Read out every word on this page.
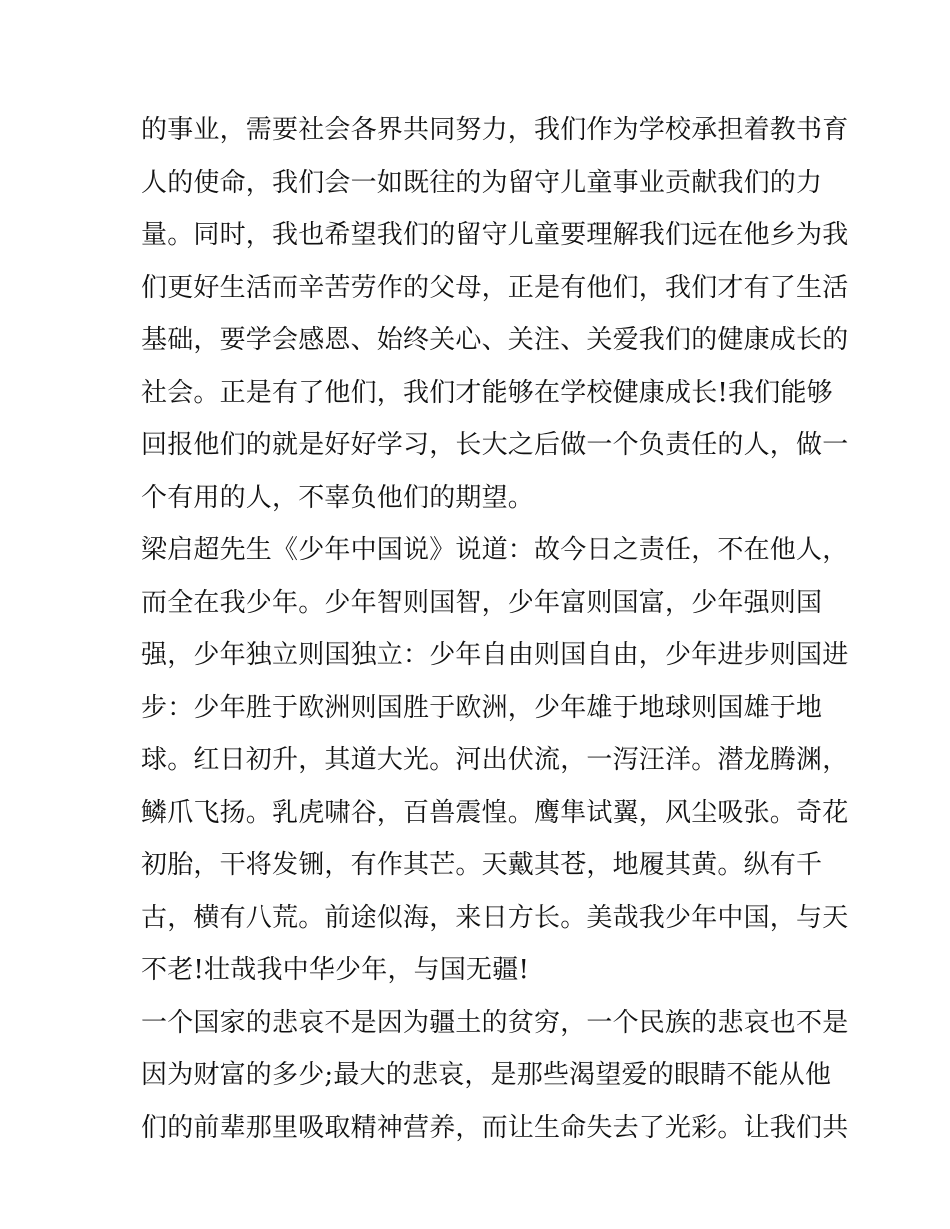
的事业，需要社会各界共同努力，我们作为学校承担着教书育
人的使命，我们会一如既往的为留守儿童事业贡献我们的力
量。同时，我也希望我们的留守儿童要理解我们远在他乡为我
们更好生活而辛苦劳作的父母，正是有他们，我们才有了生活
基础，要学会感恩、始终关心、关注、关爱我们的健康成长的
社会。正是有了他们，我们才能够在学校健康成长!我们能够
回报他们的就是好好学习，长大之后做一个负责任的人，做一
个有用的人，不辜负他们的期望。
梁启超先生《少年中国说》说道：故今日之责任，不在他人，
而全在我少年。少年智则国智，少年富则国富，少年强则国
强，少年独立则国独立：少年自由则国自由，少年进步则国进
步：少年胜于欧洲则国胜于欧洲，少年雄于地球则国雄于地
球。红日初升，其道大光。河出伏流，一泻汪洋。潜龙腾渊，
鳞爪飞扬。乳虎啸谷，百兽震惶。鹰隼试翼，风尘吸张。奇花
初胎，干将发铏，有作其芒。天戴其苍，地履其黄。纵有千
古，横有八荒。前途似海，来日方长。美哉我少年中国，与天
不老!壮哉我中华少年，与国无疆!
一个国家的悲哀不是因为疆土的贫穷，一个民族的悲哀也不是
因为财富的多少;最大的悲哀，是那些渴望爱的眼睛不能从他
们的前辈那里吸取精神营养，而让生命失去了光彩。让我们共
